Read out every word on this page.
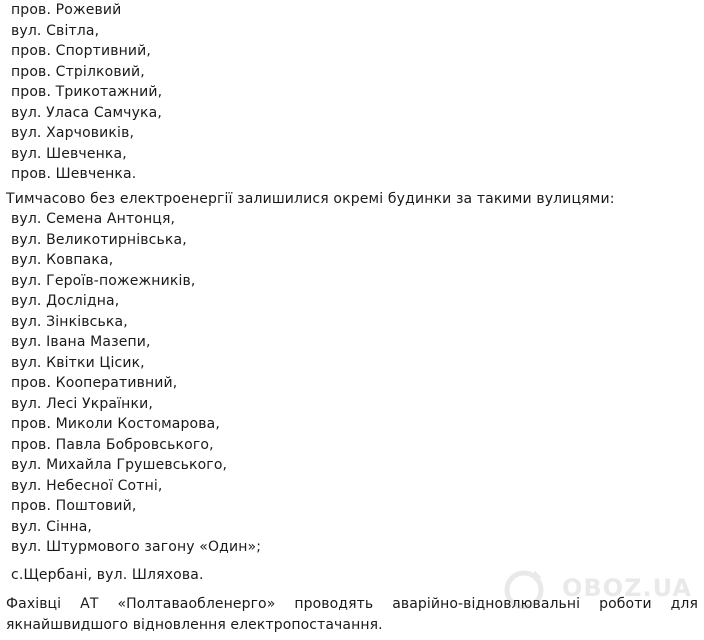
пров. Рожевий
вул. Світла,
пров. Спортивний,
пров. Стрілковий,
пров. Трикотажний,
вул. Уласа Самчука,
вул. Харчовиків,
вул. Шевченка,
пров. Шевченка.

Тимчасово без електроенергії залишилися окремі будинки за такими вулицями:

вул. Семена Антонця,
вул. Великотирнівська,
вул. Ковпака,
вул. Героїв-пожежників,
вул. Дослідна,
вул. Зінківська,
вул. Івана Мазепи,
вул. Квітки Цісик,
пров. Кооперативний,
вул. Лесі Українки,
пров. Миколи Костомарова,
пров. Павла Бобровського,
вул. Михайла Грушевського,
вул. Небесної Сотні,
пров. Поштовий,
вул. Сінна,
вул. Штурмового загону «Один»;

с.Щербані, вул. Шляхова.

Фахівці АТ «Полтаваобленерго» проводять аварійно-відновлювальні роботи для якнайшвидшого відновлення електропостачання.

OBOZ.UA
